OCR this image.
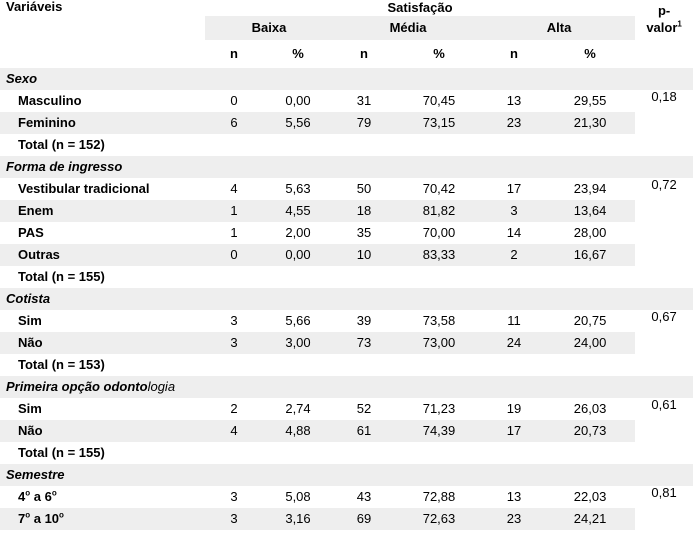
Variáveis	Satisfação						p-
valor$^1$
	Baixa		Média		Alta		
	n	%	n	%	n	%	
Sexo							
Masculino	0	0,00	31	70,45	13	29,55	0,18
Feminino	6	5,56	79	73,15	23	21,30	
Total (n = 152)							
Forma de ingresso							
Vestibular tradicional	4	5,63	50	70,42	17	23,94	0,72
Enem	1	4,55	18	81,82	3	13,64	
PAS	1	2,00	35	70,00	14	28,00	
Outras	0	0,00	10	83,33	2	16,67	
Total (n = 155)							
Cotista							
Sim	3	5,66	39	73,58	11	20,75	0,67
Não	3	3,00	73	73,00	24	24,00	
Total (n = 153)							
Primeira opção odontologia							
Sim	2	2,74	52	71,23	19	26,03	0,61
Não	4	4,88	61	74,39	17	20,73	
Total (n = 155)							
Semestre							
4$^o$ a 6$^o$	3	5,08	43	72,88	13	22,03	0,81
7$^o$ a 10$^o$	3	3,16	69	72,63	23	24,21	
